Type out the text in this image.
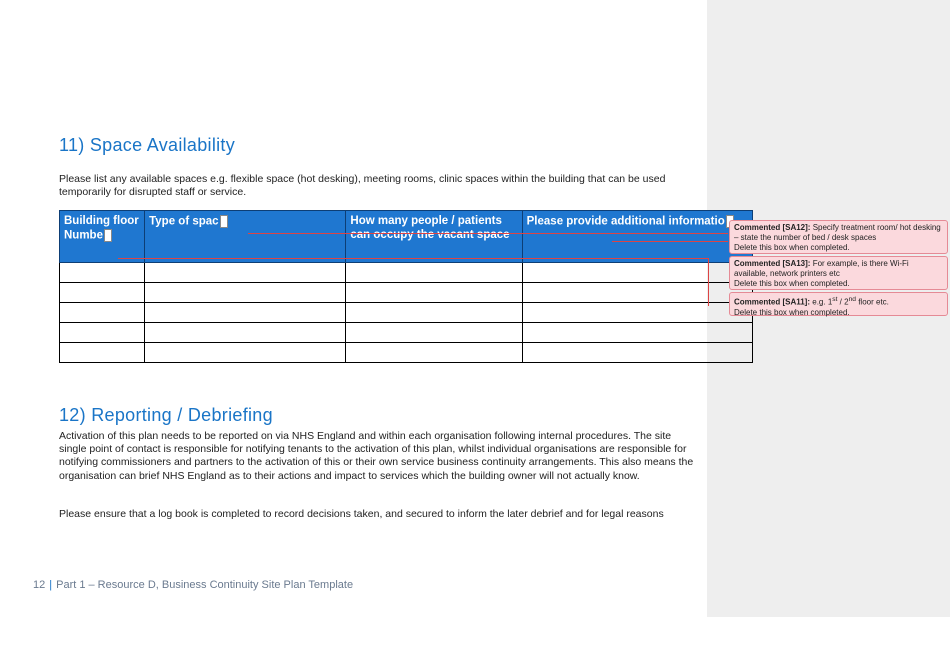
11) Space Availability

Please list any available spaces e.g. flexible space (hot desking), meeting rooms, clinic spaces within the building that can be used temporarily for disrupted staff or service.

Building floor Numbe	Type of spac	How many people / patients can occupy the vacant space	Please provide additional informatio

12) Reporting / Debriefing

Activation of this plan needs to be reported on via NHS England and within each organisation following internal procedures. The site single point of contact is responsible for notifying tenants to the activation of this plan, whilst individual organisations are responsible for notifying commissioners and partners to the activation of this or their own service business continuity arrangements. This also means the organisation can brief NHS England as to their actions and impact to services which the building owner will not actually know.

Please ensure that a log book is completed to record decisions taken, and secured to inform the later debrief and for legal reasons

12 | Part 1 – Resource D, Business Continuity Site Plan Template
Commented [SA12]: Specify treatment room/ hot desking – state the number of bed / desk spaces
Delete this box when completed.
Commented [SA13]: For example, is there Wi-Fi available, network printers etc
Delete this box when completed.
Commented [SA11]: e.g. 1st / 2nd floor etc.
Delete this box when completed.
